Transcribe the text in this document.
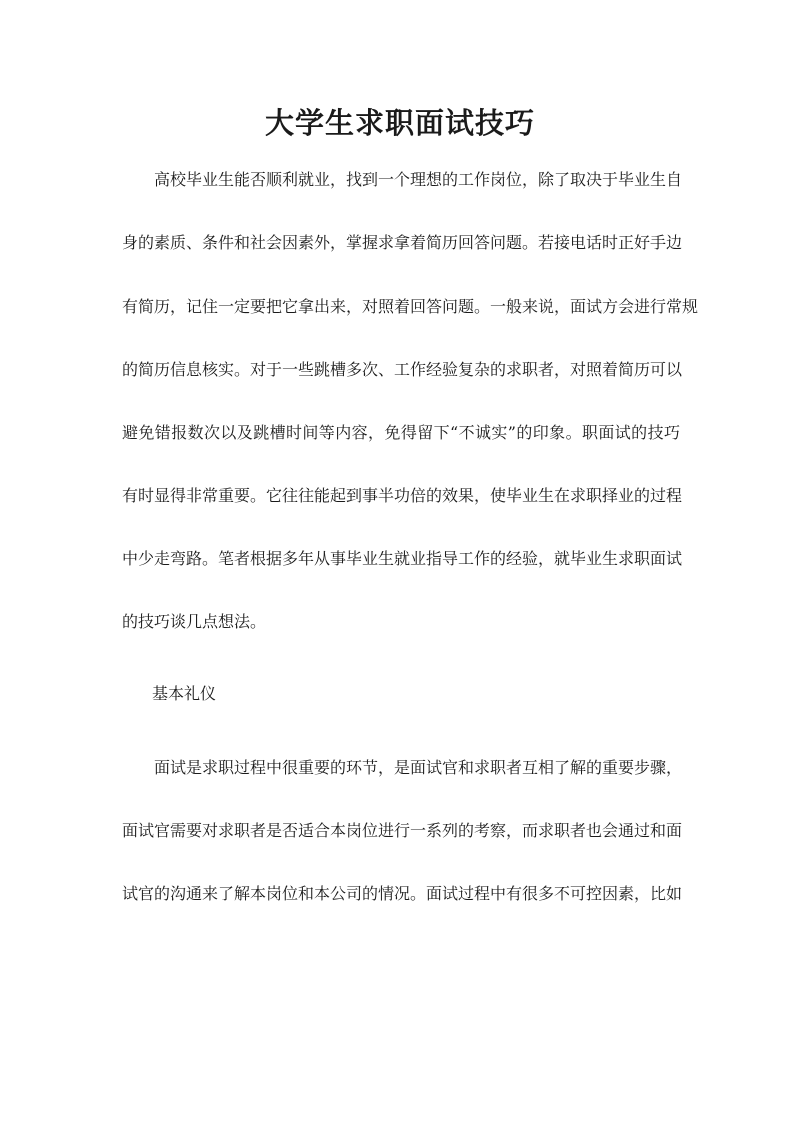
大学生求职面试技巧
高校毕业生能否顺利就业，找到一个理想的工作岗位，除了取决于毕业生自
身的素质、条件和社会因素外，掌握求拿着简历回答问题。若接电话时正好手边
有简历，记住一定要把它拿出来，对照着回答问题。一般来说，面试方会进行常规
的简历信息核实。对于一些跳槽多次、工作经验复杂的求职者，对照着简历可以
避免错报数次以及跳槽时间等内容，免得留下“不诚实”的印象。职面试的技巧
有时显得非常重要。它往往能起到事半功倍的效果，使毕业生在求职择业的过程
中少走弯路。笔者根据多年从事毕业生就业指导工作的经验，就毕业生求职面试
的技巧谈几点想法。
基本礼仪
面试是求职过程中很重要的环节，是面试官和求职者互相了解的重要步骤，
面试官需要对求职者是否适合本岗位进行一系列的考察，而求职者也会通过和面
试官的沟通来了解本岗位和本公司的情况。面试过程中有很多不可控因素，比如
